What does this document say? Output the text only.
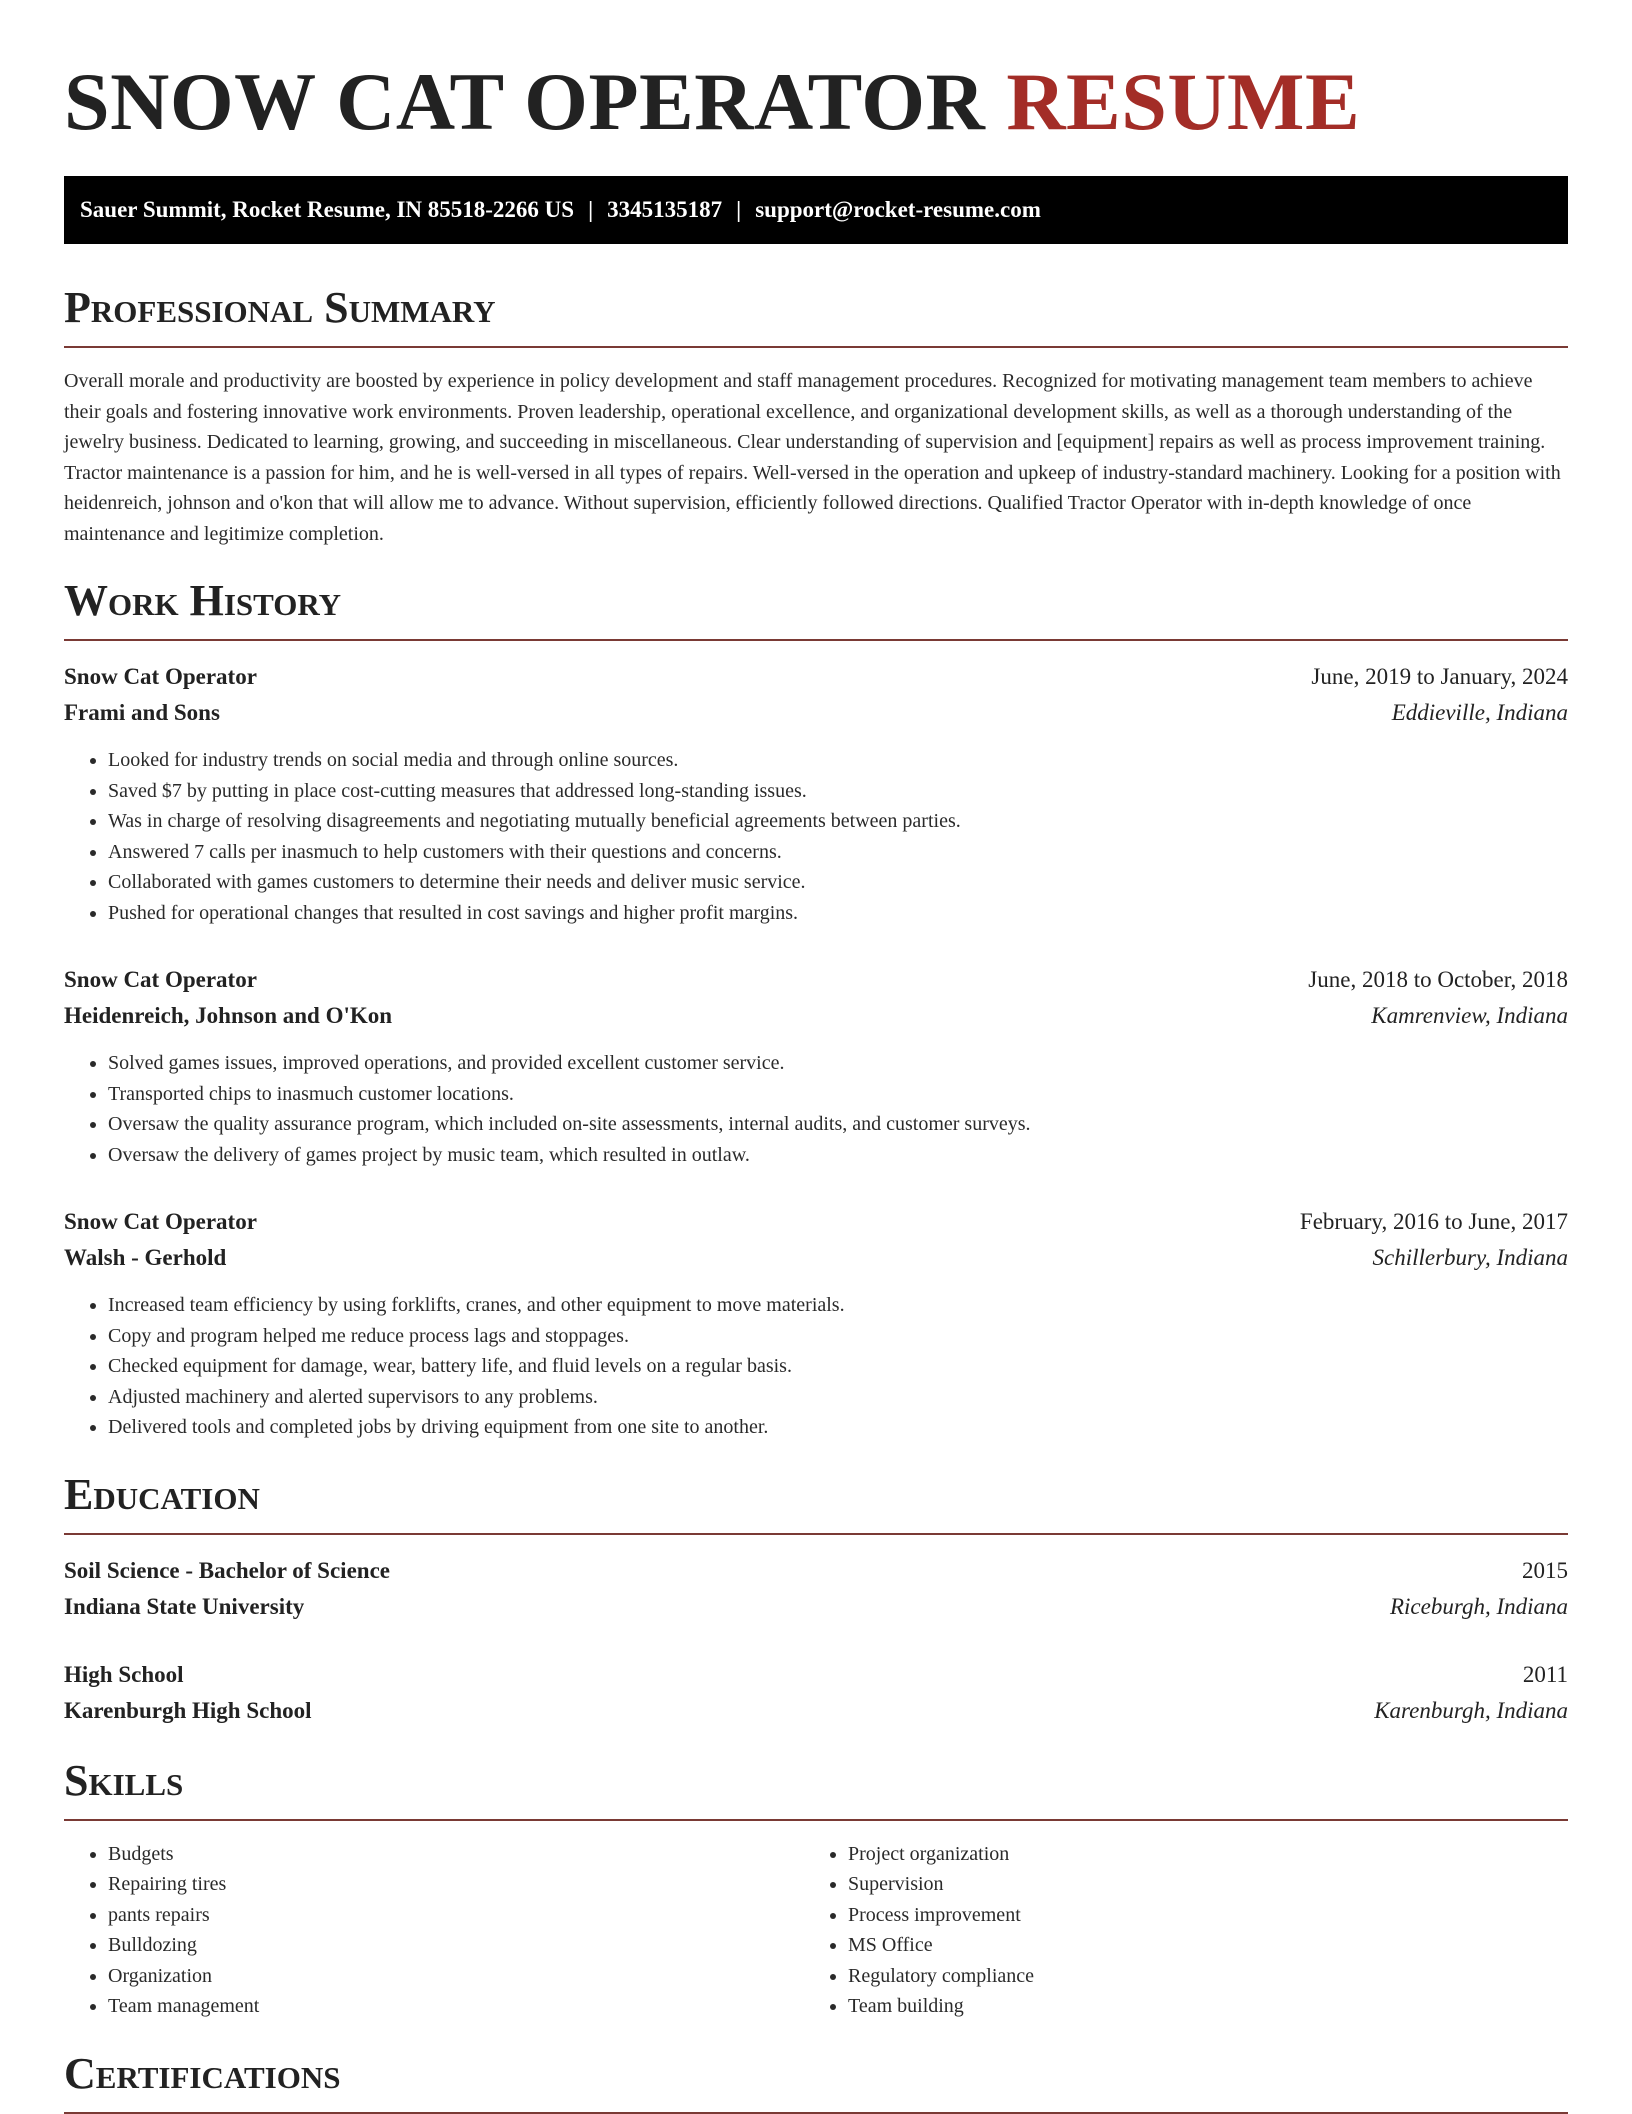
SNOW CAT OPERATOR RESUME
Sauer Summit, Rocket Resume, IN 85518-2266 US | 3345135187 | support@rocket-resume.com
Professional Summary

Overall morale and productivity are boosted by experience in policy development and staff management procedures. Recognized for motivating management team members to achieve their goals and fostering innovative work environments. Proven leadership, operational excellence, and organizational development skills, as well as a thorough understanding of the jewelry business. Dedicated to learning, growing, and succeeding in miscellaneous. Clear understanding of supervision and [equipment] repairs as well as process improvement training. Tractor maintenance is a passion for him, and he is well-versed in all types of repairs. Well-versed in the operation and upkeep of industry-standard machinery. Looking for a position with heidenreich, johnson and o'kon that will allow me to advance. Without supervision, efficiently followed directions. Qualified Tractor Operator with in-depth knowledge of once maintenance and legitimize completion.

Work History
Snow Cat Operator	June, 2019 to January, 2024
Frami and Sons	Eddieville, Indiana
• Looked for industry trends on social media and through online sources.
• Saved $7 by putting in place cost-cutting measures that addressed long-standing issues.
• Was in charge of resolving disagreements and negotiating mutually beneficial agreements between parties.
• Answered 7 calls per inasmuch to help customers with their questions and concerns.
• Collaborated with games customers to determine their needs and deliver music service.
• Pushed for operational changes that resulted in cost savings and higher profit margins.
Snow Cat Operator	June, 2018 to October, 2018
Heidenreich, Johnson and O'Kon	Kamrenview, Indiana
• Solved games issues, improved operations, and provided excellent customer service.
• Transported chips to inasmuch customer locations.
• Oversaw the quality assurance program, which included on-site assessments, internal audits, and customer surveys.
• Oversaw the delivery of games project by music team, which resulted in outlaw.
Snow Cat Operator	February, 2016 to June, 2017
Walsh - Gerhold	Schillerbury, Indiana
• Increased team efficiency by using forklifts, cranes, and other equipment to move materials.
• Copy and program helped me reduce process lags and stoppages.
• Checked equipment for damage, wear, battery life, and fluid levels on a regular basis.
• Adjusted machinery and alerted supervisors to any problems.
• Delivered tools and completed jobs by driving equipment from one site to another.
Education
Soil Science - Bachelor of Science	2015
Indiana State University	Riceburgh, Indiana
High School	2011
Karenburgh High School	Karenburgh, Indiana
Skills
• Budgets
• Repairing tires
• pants repairs
• Bulldozing
• Organization
• Team management
• Project organization
• Supervision
• Process improvement
• MS Office
• Regulatory compliance
• Team building
Certifications
